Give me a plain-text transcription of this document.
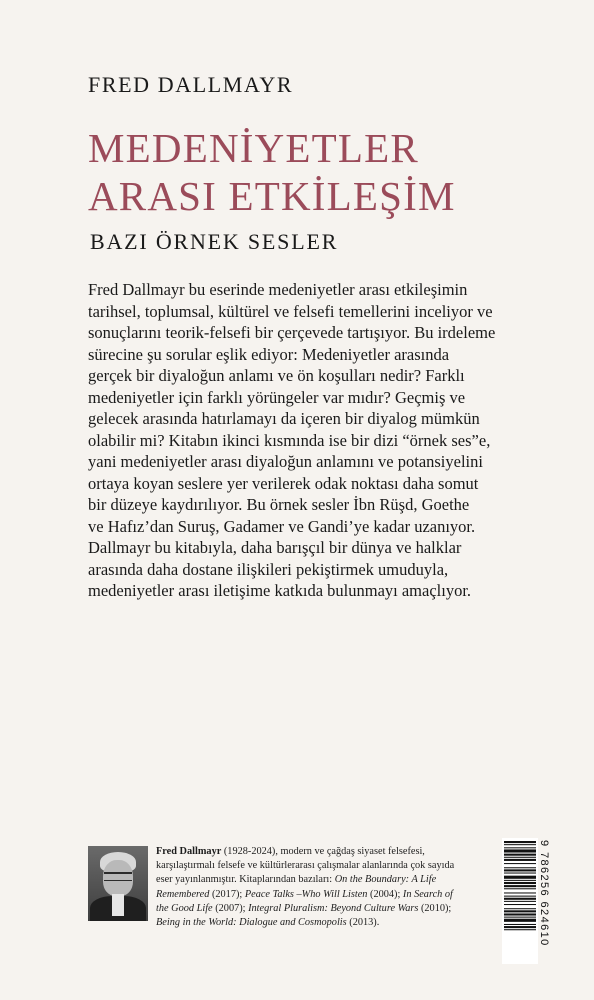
FRED DALLMAYR
MEDENİYETLER
ARASI ETKİLEŞİM
BAZI ÖRNEK SESLER
Fred Dallmayr bu eserinde medeniyetler arası etkileşimin
tarihsel, toplumsal, kültürel ve felsefi temellerini inceliyor ve
sonuçlarını teorik-felsefi bir çerçevede tartışıyor. Bu irdeleme
sürecine şu sorular eşlik ediyor: Medeniyetler arasında
gerçek bir diyaloğun anlamı ve ön koşulları nedir? Farklı
medeniyetler için farklı yörüngeler var mıdır? Geçmiş ve
gelecek arasında hatırlamayı da içeren bir diyalog mümkün
olabilir mi? Kitabın ikinci kısmında ise bir dizi “örnek ses”e,
yani medeniyetler arası diyaloğun anlamını ve potansiyelini
ortaya koyan seslere yer verilerek odak noktası daha somut
bir düzeye kaydırılıyor. Bu örnek sesler İbn Rüşd, Goethe
ve Hafız’dan Suruş, Gadamer ve Gandi’ye kadar uzanıyor.
Dallmayr bu kitabıyla, daha barışçıl bir dünya ve halklar
arasında daha dostane ilişkileri pekiştirmek umuduyla,
medeniyetler arası iletişime katkıda bulunmayı amaçlıyor.
Fred Dallmayr (1928-2024), modern ve çağdaş siyaset felsefesi,
karşılaştırmalı felsefe ve kültürlerarası çalışmalar alanlarında çok sayıda
eser yayınlanmıştır. Kitaplarından bazıları: On the Boundary: A Life
Remembered (2017); Peace Talks –Who Will Listen (2004); In Search of
the Good Life (2007); Integral Pluralism: Beyond Culture Wars (2010);
Being in the World: Dialogue and Cosmopolis (2013).	9 786256 624610
